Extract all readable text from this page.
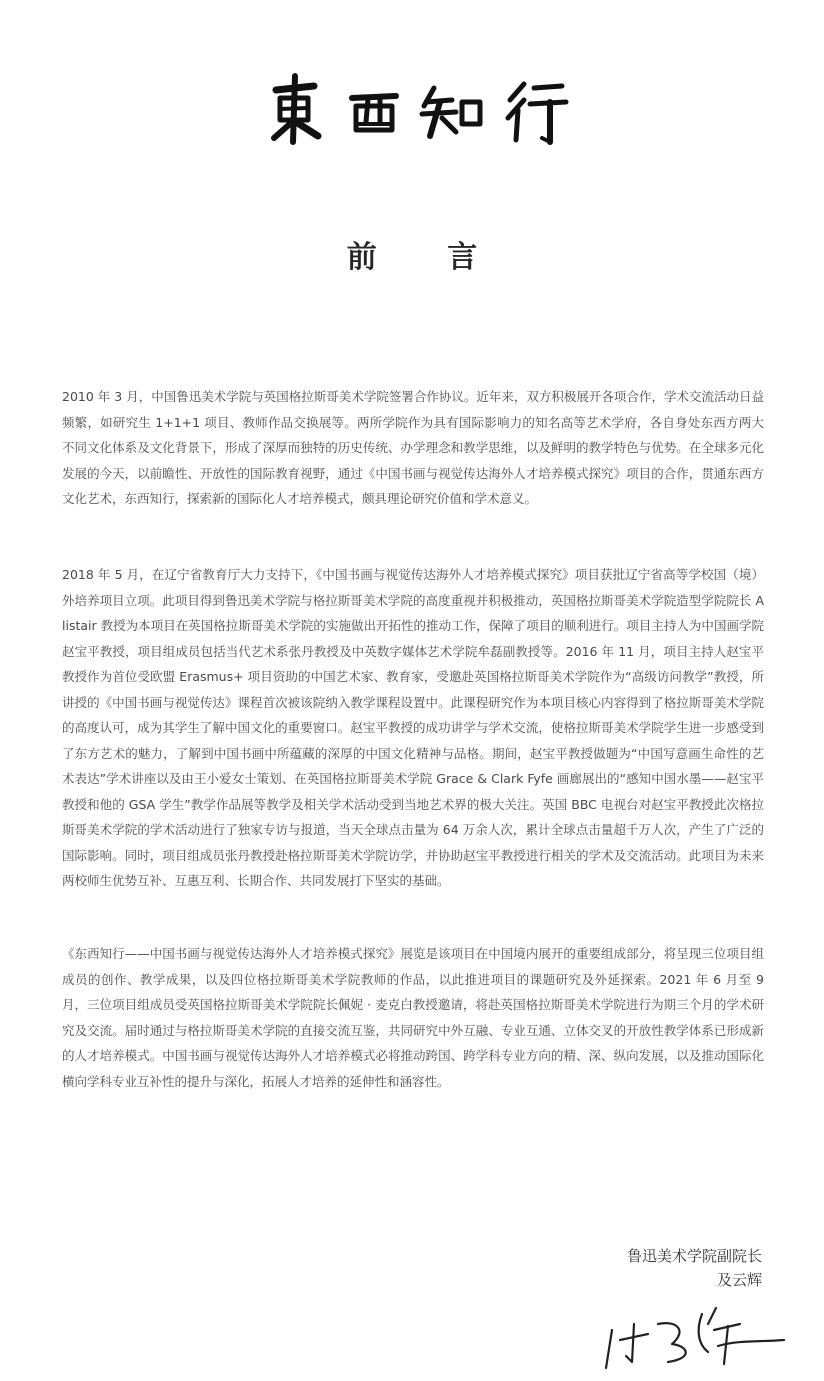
前 言

2010 年 3 月，中国鲁迅美术学院与英国格拉斯哥美术学院签署合作协议。近年来，双方积极展开各项合作，学术交流活动日益频繁，如研究生 1+1+1 项目、教师作品交换展等。两所学院作为具有国际影响力的知名高等艺术学府，各自身处东西方两大不同文化体系及文化背景下，形成了深厚而独特的历史传统、办学理念和教学思维，以及鲜明的教学特色与优势。在全球多元化发展的今天，以前瞻性、开放性的国际教育视野，通过《中国书画与视觉传达海外人才培养模式探究》项目的合作，贯通东西方文化艺术，东西知行，探索新的国际化人才培养模式，颇具理论研究价值和学术意义。

2018 年 5 月，在辽宁省教育厅大力支持下，《中国书画与视觉传达海外人才培养模式探究》项目获批辽宁省高等学校国（境）外培养项目立项。此项目得到鲁迅美术学院与格拉斯哥美术学院的高度重视并积极推动，英国格拉斯哥美术学院造型学院院长 Alistair 教授为本项目在英国格拉斯哥美术学院的实施做出开拓性的推动工作，保障了项目的顺利进行。项目主持人为中国画学院赵宝平教授，项目组成员包括当代艺术系张丹教授及中英数字媒体艺术学院牟磊副教授等。2016 年 11 月，项目主持人赵宝平教授作为首位受欧盟 Erasmus+ 项目资助的中国艺术家、教育家，受邀赴英国格拉斯哥美术学院作为“高级访问教学”教授，所讲授的《中国书画与视觉传达》课程首次被该院纳入教学课程设置中。此课程研究作为本项目核心内容得到了格拉斯哥美术学院的高度认可，成为其学生了解中国文化的重要窗口。赵宝平教授的成功讲学与学术交流，使格拉斯哥美术学院学生进一步感受到了东方艺术的魅力，了解到中国书画中所蕴藏的深厚的中国文化精神与品格。期间，赵宝平教授做题为“中国写意画生命性的艺术表达”学术讲座以及由王小爱女士策划、在英国格拉斯哥美术学院 Grace & Clark Fyfe 画廊展出的“感知中国水墨——赵宝平教授和他的 GSA 学生”教学作品展等教学及相关学术活动受到当地艺术界的极大关注。英国 BBC 电视台对赵宝平教授此次格拉斯哥美术学院的学术活动进行了独家专访与报道，当天全球点击量为 64 万余人次，累计全球点击量超千万人次，产生了广泛的国际影响。同时，项目组成员张丹教授赴格拉斯哥美术学院访学，并协助赵宝平教授进行相关的学术及交流活动。此项目为未来两校师生优势互补、互惠互利、长期合作、共同发展打下坚实的基础。

《东西知行——中国书画与视觉传达海外人才培养模式探究》展览是该项目在中国境内展开的重要组成部分，将呈现三位项目组成员的创作、教学成果，以及四位格拉斯哥美术学院教师的作品，以此推进项目的课题研究及外延探索。2021 年 6 月至 9 月，三位项目组成员受英国格拉斯哥美术学院院长佩妮 · 麦克白教授邀请，将赴英国格拉斯哥美术学院进行为期三个月的学术研究及交流。届时通过与格拉斯哥美术学院的直接交流互鉴，共同研究中外互融、专业互通、立体交叉的开放性教学体系已形成新的人才培养模式。中国书画与视觉传达海外人才培养模式必将推动跨国、跨学科专业方向的精、深、纵向发展，以及推动国际化横向学科专业互补性的提升与深化，拓展人才培养的延伸性和涵容性。

鲁迅美术学院副院长
及云辉
